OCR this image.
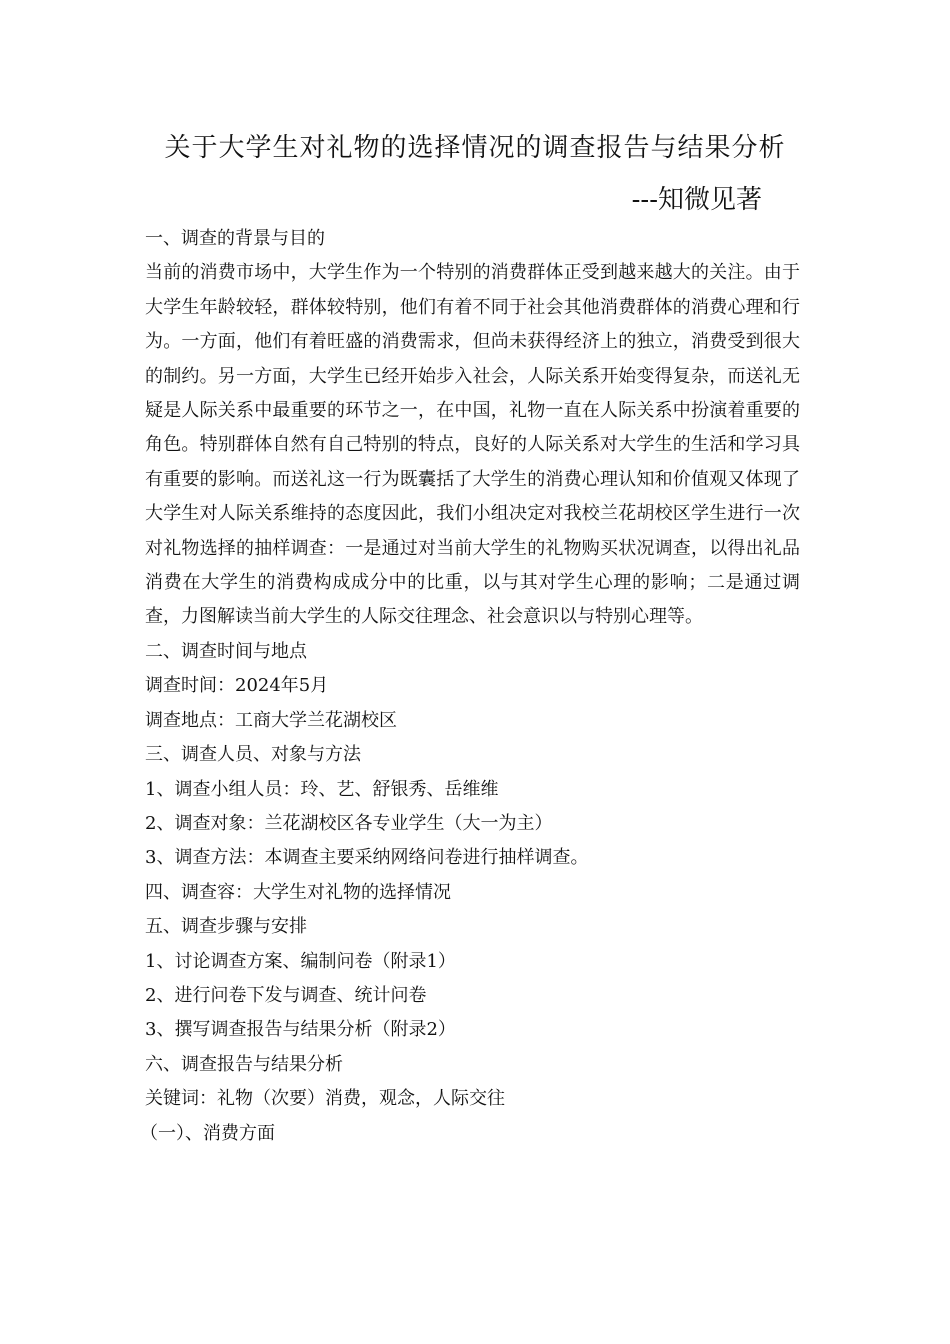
关于大学生对礼物的选择情况的调查报告与结果分析

---知微见著

一、调查的背景与目的

当前的消费市场中，大学生作为一个特别的消费群体正受到越来越大的关注。由于大学生年龄较轻，群体较特别，他们有着不同于社会其他消费群体的消费心理和行为。一方面，他们有着旺盛的消费需求，但尚未获得经济上的独立，消费受到很大的制约。另一方面，大学生已经开始步入社会，人际关系开始变得复杂，而送礼无疑是人际关系中最重要的环节之一，在中国，礼物一直在人际关系中扮演着重要的角色。特别群体自然有自己特别的特点，良好的人际关系对大学生的生活和学习具有重要的影响。而送礼这一行为既囊括了大学生的消费心理认知和价值观又体现了大学生对人际关系维持的态度因此，我们小组决定对我校兰花胡校区学生进行一次对礼物选择的抽样调查：一是通过对当前大学生的礼物购买状况调查，以得出礼品消费在大学生的消费构成成分中的比重，以与其对学生心理的影响；二是通过调查，力图解读当前大学生的人际交往理念、社会意识以与特别心理等。

二、调查时间与地点

调查时间：2024年5月

调查地点：工商大学兰花湖校区

三、调查人员、对象与方法

1、调查小组人员：玲、艺、舒银秀、岳维维

2、调查对象：兰花湖校区各专业学生（大一为主）

3、调查方法：本调查主要采纳网络问卷进行抽样调查。

四、调查容：大学生对礼物的选择情况

五、调查步骤与安排

1、讨论调查方案、编制问卷（附录1）

2、进行问卷下发与调查、统计问卷

3、撰写调查报告与结果分析（附录2）

六、调查报告与结果分析

关键词：礼物（次要）消费，观念，人际交往

（一）、消费方面
